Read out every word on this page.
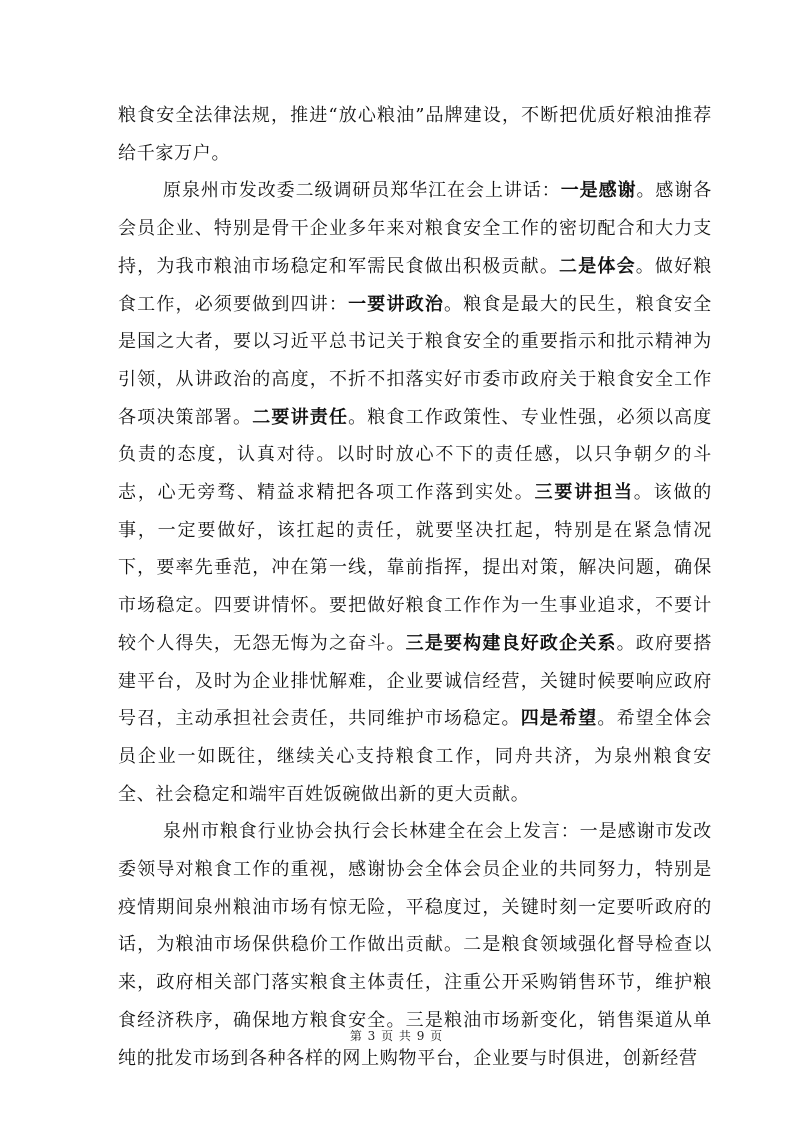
粮食安全法律法规，推进“放心粮油”品牌建设，不断把优质好粮油推荐给千家万户。

原泉州市发改委二级调研员郑华江在会上讲话：一是感谢。感谢各会员企业、特别是骨干企业多年来对粮食安全工作的密切配合和大力支持，为我市粮油市场稳定和军需民食做出积极贡献。二是体会。做好粮食工作，必须要做到四讲：一要讲政治。粮食是最大的民生，粮食安全是国之大者，要以习近平总书记关于粮食安全的重要指示和批示精神为引领，从讲政治的高度，不折不扣落实好市委市政府关于粮食安全工作各项决策部署。二要讲责任。粮食工作政策性、专业性强，必须以高度负责的态度，认真对待。以时时放心不下的责任感，以只争朝夕的斗志，心无旁骛、精益求精把各项工作落到实处。三要讲担当。该做的事，一定要做好，该扛起的责任，就要坚决扛起，特别是在紧急情况下，要率先垂范，冲在第一线，靠前指挥，提出对策，解决问题，确保市场稳定。四要讲情怀。要把做好粮食工作作为一生事业追求，不要计较个人得失，无怨无悔为之奋斗。三是要构建良好政企关系。政府要搭建平台，及时为企业排忧解难，企业要诚信经营，关键时候要响应政府号召，主动承担社会责任，共同维护市场稳定。四是希望。希望全体会员企业一如既往，继续关心支持粮食工作，同舟共济，为泉州粮食安全、社会稳定和端牢百姓饭碗做出新的更大贡献。

泉州市粮食行业协会执行会长林建全在会上发言：一是感谢市发改委领导对粮食工作的重视，感谢协会全体会员企业的共同努力，特别是疫情期间泉州粮油市场有惊无险，平稳度过，关键时刻一定要听政府的话，为粮油市场保供稳价工作做出贡献。二是粮食领域强化督导检查以来，政府相关部门落实粮食主体责任，注重公开采购销售环节，维护粮食经济秩序，确保地方粮食安全。三是粮油市场新变化，销售渠道从单纯的批发市场到各种各样的网上购物平台，企业要与时俱进，创新经营

第 3 页 共 9 页
